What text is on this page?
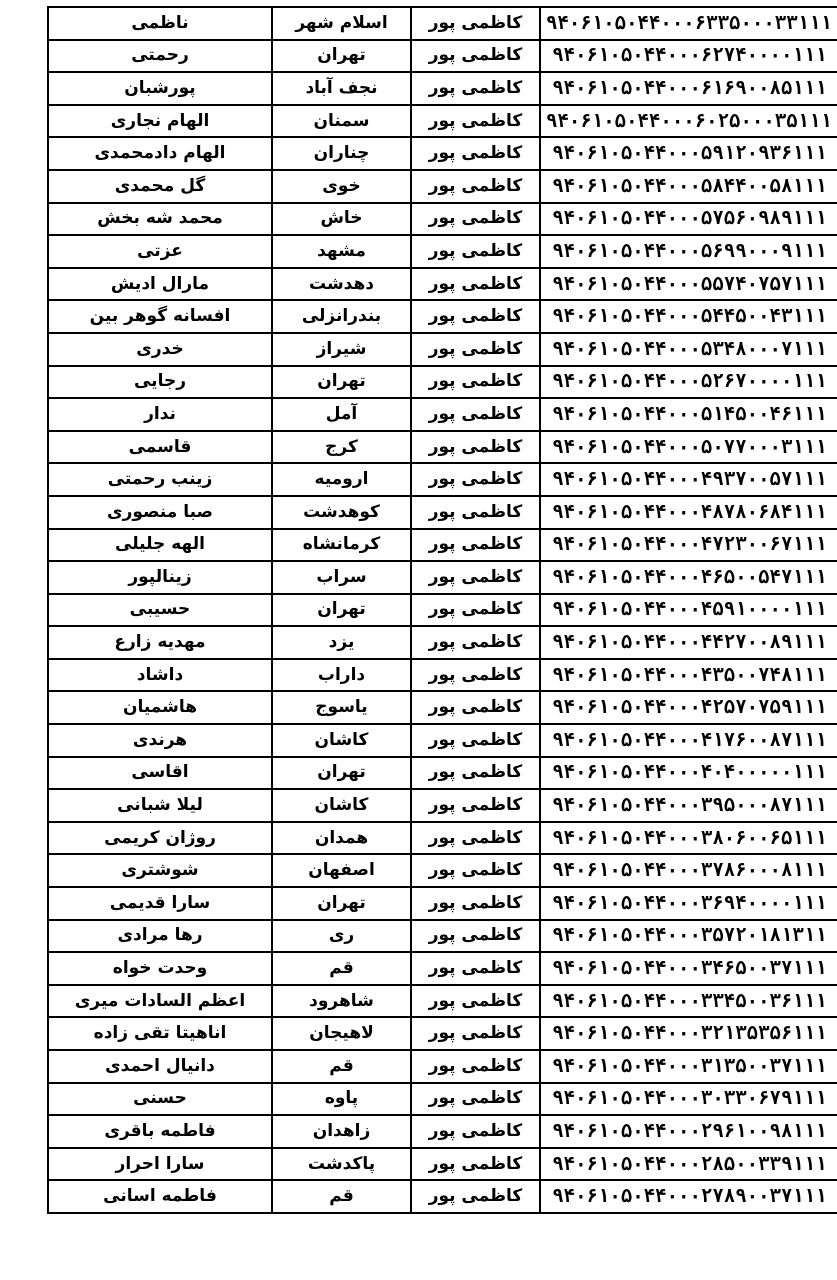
۹۴۰۶۱۰۵۰۴۴۰۰۰۶۳۳۵۰۰۰۳۳۱۱۱	کاظمی پور	اسلام شهر	ناظمی
۹۴۰۶۱۰۵۰۴۴۰۰۰۶۲۷۴۰۰۰۰۱۱۱	کاظمی پور	تهران	رحمتی
۹۴۰۶۱۰۵۰۴۴۰۰۰۶۱۶۹۰۰۸۵۱۱۱	کاظمی پور	نجف آباد	پورشبان
۹۴۰۶۱۰۵۰۴۴۰۰۰۶۰۲۵۰۰۰۳۵۱۱۱	کاظمی پور	سمنان	الهام نجاری
۹۴۰۶۱۰۵۰۴۴۰۰۰۵۹۱۲۰۹۳۶۱۱۱	کاظمی پور	چناران	الهام دادمحمدی
۹۴۰۶۱۰۵۰۴۴۰۰۰۵۸۴۴۰۰۵۸۱۱۱	کاظمی پور	خوی	گل محمدی
۹۴۰۶۱۰۵۰۴۴۰۰۰۵۷۵۶۰۹۸۹۱۱۱	کاظمی پور	خاش	محمد شه بخش
۹۴۰۶۱۰۵۰۴۴۰۰۰۵۶۹۹۰۰۰۹۱۱۱	کاظمی پور	مشهد	عزتی
۹۴۰۶۱۰۵۰۴۴۰۰۰۵۵۷۴۰۷۵۷۱۱۱	کاظمی پور	دهدشت	مارال ادیش
۹۴۰۶۱۰۵۰۴۴۰۰۰۵۴۴۵۰۰۴۳۱۱۱	کاظمی پور	بندرانزلی	افسانه گوهر بین
۹۴۰۶۱۰۵۰۴۴۰۰۰۵۳۴۸۰۰۰۷۱۱۱	کاظمی پور	شیراز	خدری
۹۴۰۶۱۰۵۰۴۴۰۰۰۵۲۶۷۰۰۰۰۱۱۱	کاظمی پور	تهران	رجایی
۹۴۰۶۱۰۵۰۴۴۰۰۰۵۱۴۵۰۰۴۶۱۱۱	کاظمی پور	آمل	ندار
۹۴۰۶۱۰۵۰۴۴۰۰۰۵۰۷۷۰۰۰۳۱۱۱	کاظمی پور	کرج	قاسمی
۹۴۰۶۱۰۵۰۴۴۰۰۰۴۹۳۷۰۰۵۷۱۱۱	کاظمی پور	ارومیه	زینب رحمتی
۹۴۰۶۱۰۵۰۴۴۰۰۰۴۸۷۸۰۶۸۴۱۱۱	کاظمی پور	کوهدشت	صبا منصوری
۹۴۰۶۱۰۵۰۴۴۰۰۰۴۷۲۳۰۰۶۷۱۱۱	کاظمی پور	کرمانشاه	الهه جلیلی
۹۴۰۶۱۰۵۰۴۴۰۰۰۴۶۵۰۰۵۴۷۱۱۱	کاظمی پور	سراب	زینالپور
۹۴۰۶۱۰۵۰۴۴۰۰۰۴۵۹۱۰۰۰۰۱۱۱	کاظمی پور	تهران	حسیبی
۹۴۰۶۱۰۵۰۴۴۰۰۰۴۴۲۷۰۰۸۹۱۱۱	کاظمی پور	یزد	مهدیه زارع
۹۴۰۶۱۰۵۰۴۴۰۰۰۴۳۵۰۰۷۴۸۱۱۱	کاظمی پور	داراب	داشاد
۹۴۰۶۱۰۵۰۴۴۰۰۰۴۲۵۷۰۷۵۹۱۱۱	کاظمی پور	یاسوج	هاشمیان
۹۴۰۶۱۰۵۰۴۴۰۰۰۴۱۷۶۰۰۸۷۱۱۱	کاظمی پور	کاشان	هرندی
۹۴۰۶۱۰۵۰۴۴۰۰۰۴۰۴۰۰۰۰۰۱۱۱	کاظمی پور	تهران	اقاسی
۹۴۰۶۱۰۵۰۴۴۰۰۰۳۹۵۰۰۰۸۷۱۱۱	کاظمی پور	کاشان	لیلا شبانی
۹۴۰۶۱۰۵۰۴۴۰۰۰۳۸۰۶۰۰۶۵۱۱۱	کاظمی پور	همدان	روژان کریمی
۹۴۰۶۱۰۵۰۴۴۰۰۰۳۷۸۶۰۰۰۸۱۱۱	کاظمی پور	اصفهان	شوشتری
۹۴۰۶۱۰۵۰۴۴۰۰۰۳۶۹۴۰۰۰۰۱۱۱	کاظمی پور	تهران	سارا قدیمی
۹۴۰۶۱۰۵۰۴۴۰۰۰۳۵۷۲۰۱۸۱۳۱۱	کاظمی پور	ری	رها مرادی
۹۴۰۶۱۰۵۰۴۴۰۰۰۳۴۶۵۰۰۳۷۱۱۱	کاظمی پور	قم	وحدت خواه
۹۴۰۶۱۰۵۰۴۴۰۰۰۳۳۴۵۰۰۳۶۱۱۱	کاظمی پور	شاهرود	اعظم السادات میری
۹۴۰۶۱۰۵۰۴۴۰۰۰۳۲۱۳۵۳۵۶۱۱۱	کاظمی پور	لاهیجان	اناهیتا تقی زاده
۹۴۰۶۱۰۵۰۴۴۰۰۰۳۱۳۵۰۰۳۷۱۱۱	کاظمی پور	قم	دانیال احمدی
۹۴۰۶۱۰۵۰۴۴۰۰۰۳۰۳۳۰۶۷۹۱۱۱	کاظمی پور	پاوه	حسنی
۹۴۰۶۱۰۵۰۴۴۰۰۰۲۹۶۱۰۰۹۸۱۱۱	کاظمی پور	زاهدان	فاطمه باقری
۹۴۰۶۱۰۵۰۴۴۰۰۰۲۸۵۰۰۳۳۹۱۱۱	کاظمی پور	پاکدشت	سارا احرار
۹۴۰۶۱۰۵۰۴۴۰۰۰۲۷۸۹۰۰۳۷۱۱۱	کاظمی پور	قم	فاطمه اسانی
